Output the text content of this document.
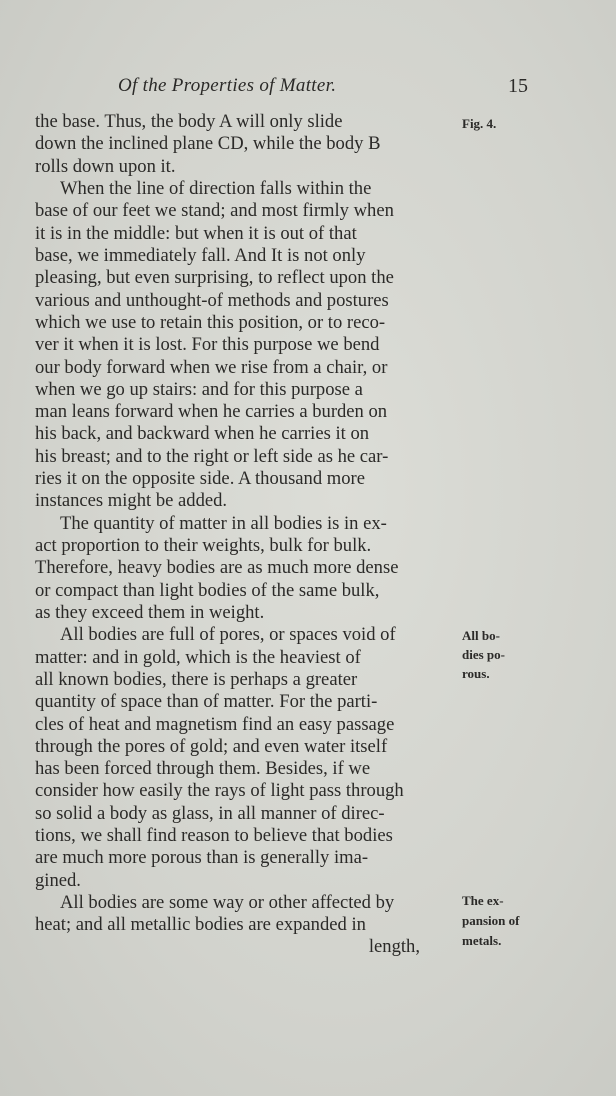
Of the Properties of Matter.	15
the base. Thus, the body A will only slide
down the inclined plane CD, while the body B
rolls down upon it.
When the line of direction falls within the
base of our feet we stand; and most firmly when
it is in the middle: but when it is out of that
base, we immediately fall. And It is not only
pleasing, but even surprising, to reflect upon the
various and unthought-of methods and postures
which we use to retain this position, or to reco-
ver it when it is lost. For this purpose we bend
our body forward when we rise from a chair, or
when we go up stairs: and for this purpose a
man leans forward when he carries a burden on
his back, and backward when he carries it on
his breast; and to the right or left side as he car-
ries it on the opposite side. A thousand more
instances might be added.
The quantity of matter in all bodies is in ex-
act proportion to their weights, bulk for bulk.
Therefore, heavy bodies are as much more dense
or compact than light bodies of the same bulk,
as they exceed them in weight.
All bodies are full of pores, or spaces void of
matter: and in gold, which is the heaviest of
all known bodies, there is perhaps a greater
quantity of space than of matter. For the parti-
cles of heat and magnetism find an easy passage
through the pores of gold; and even water itself
has been forced through them. Besides, if we
consider how easily the rays of light pass through
so solid a body as glass, in all manner of direc-
tions, we shall find reason to believe that bodies
are much more porous than is generally ima-
gined.
All bodies are some way or other affected by
heat; and all metallic bodies are expanded in
length,
Fig. 4.
All bo-
dies po-
rous.
The ex-
pansion of
metals.
